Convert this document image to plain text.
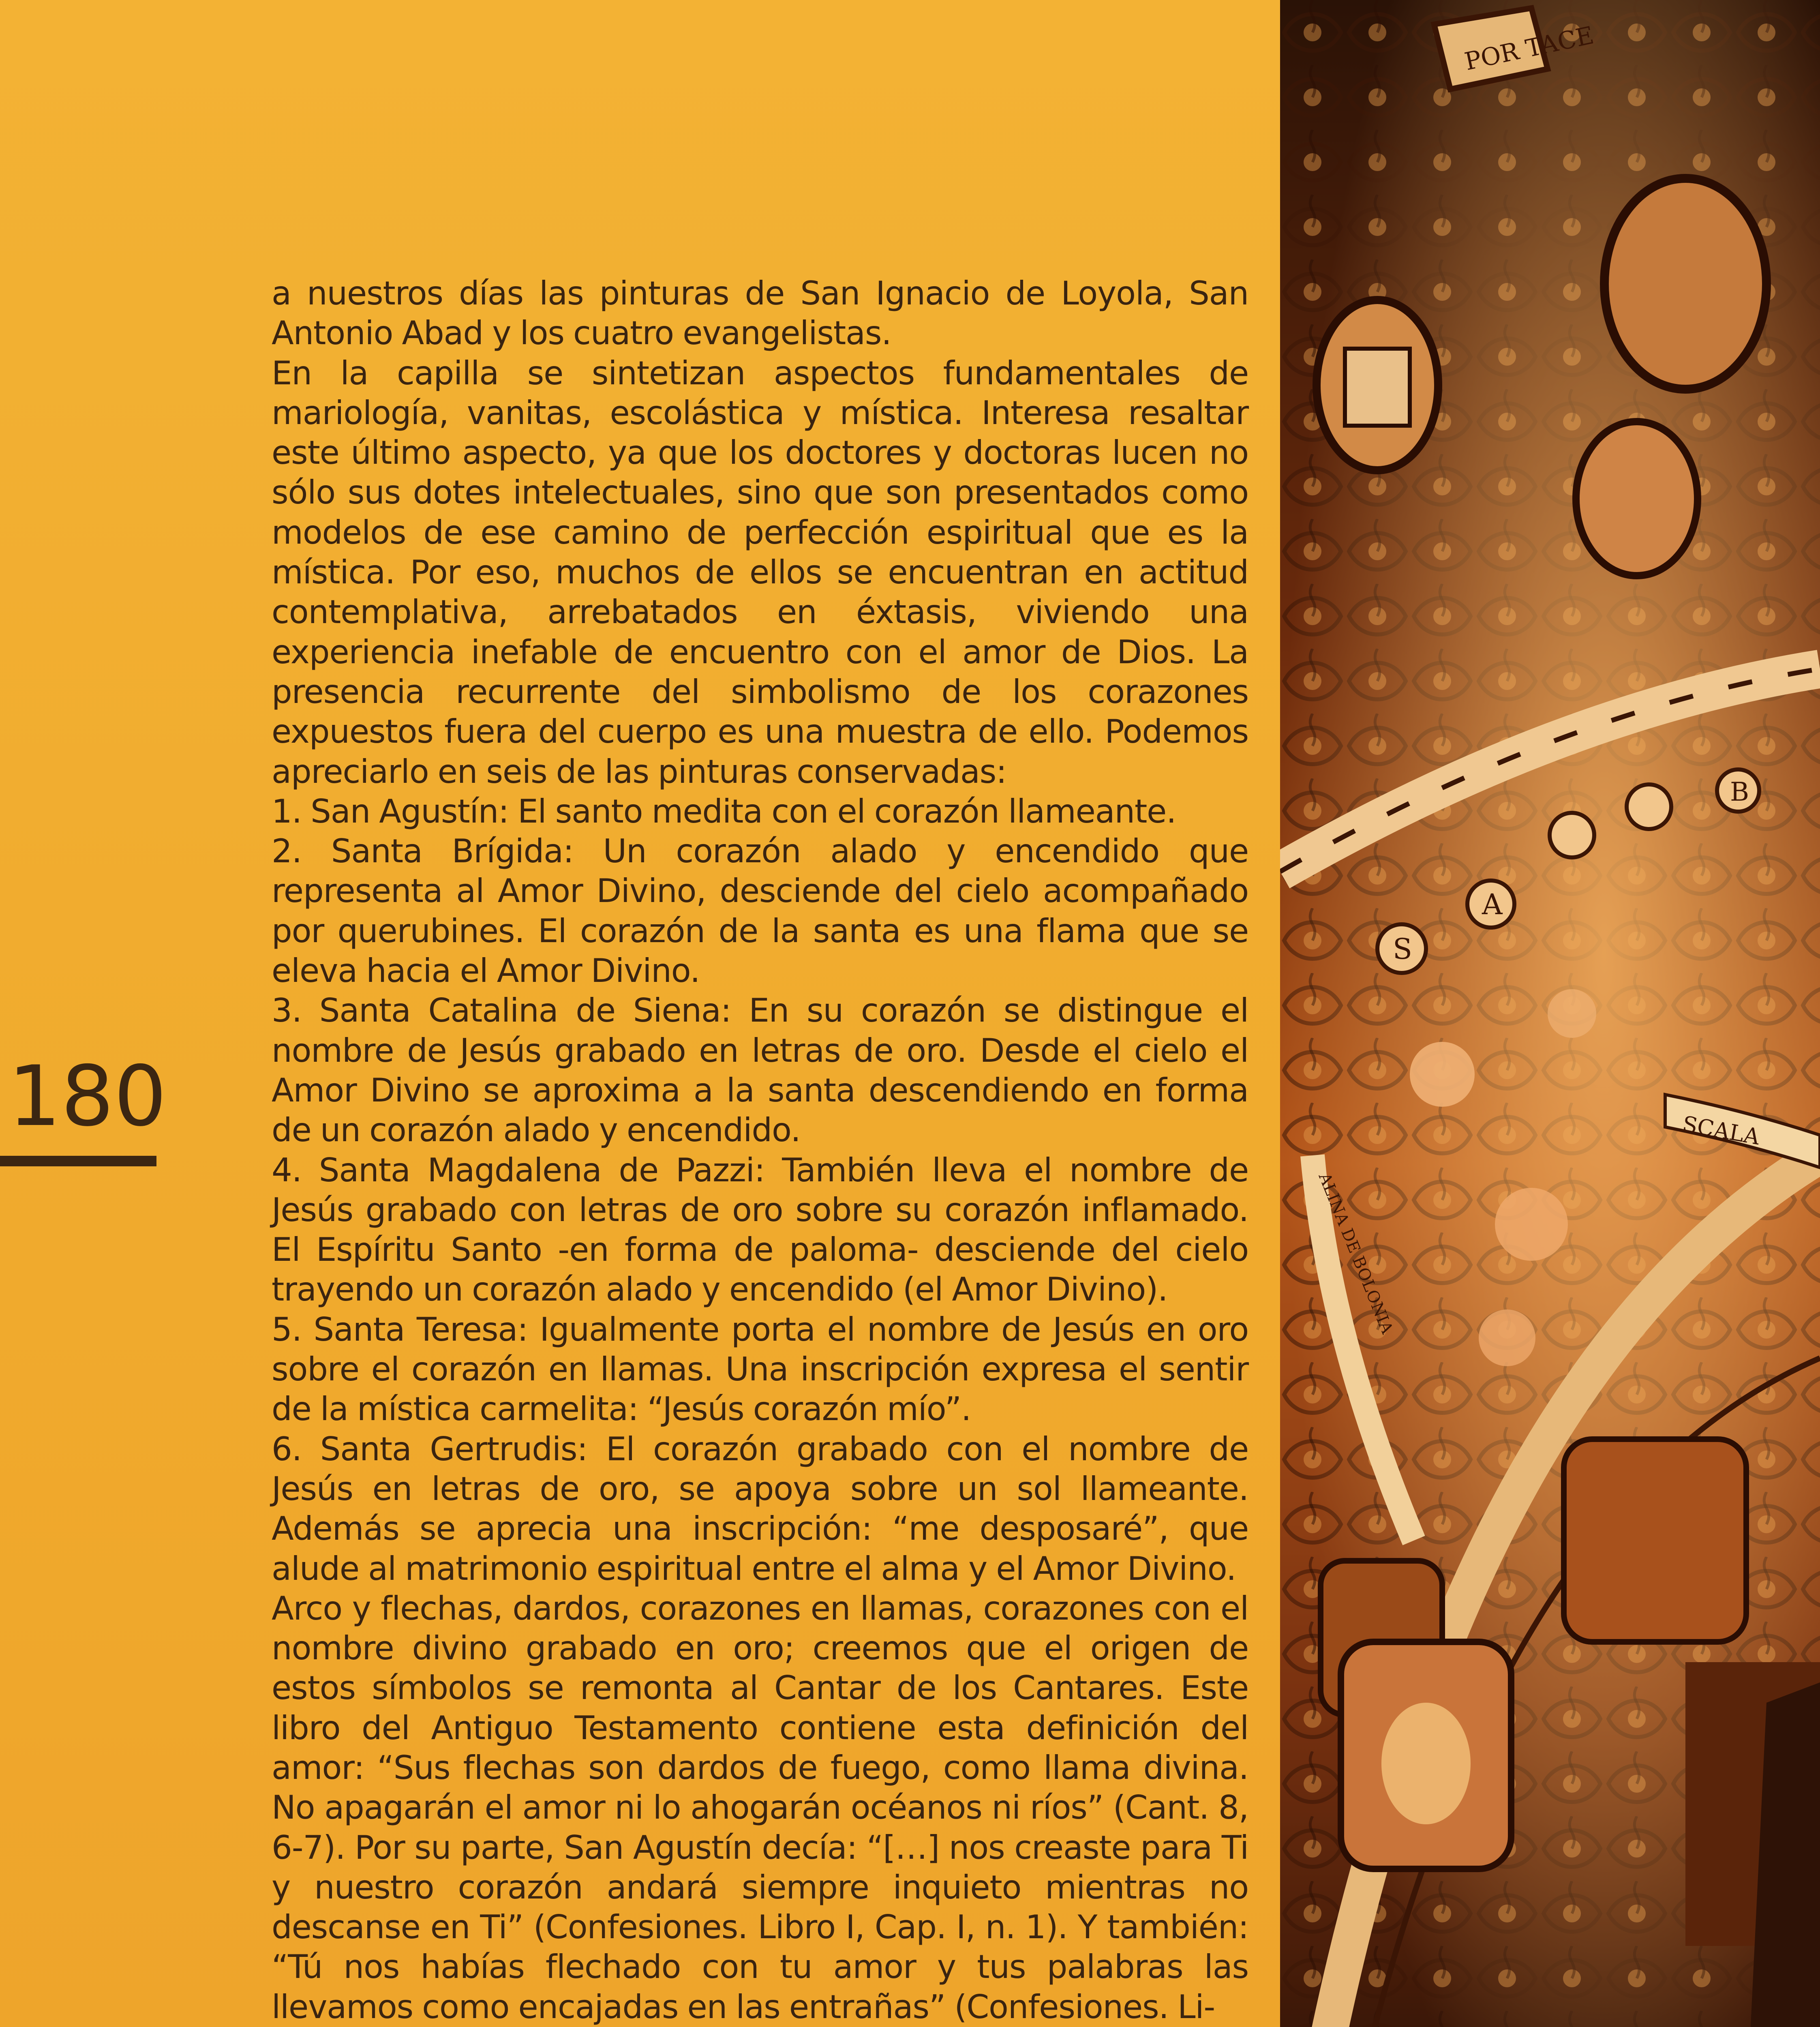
180

a nuestros días las pinturas de San Ignacio de Loyola, San Antonio Abad y los cuatro evangelistas.

En la capilla se sintetizan aspectos fundamentales de mariología, vanitas, escolástica y mística. Interesa resaltar este último aspecto, ya que los doctores y doctoras lucen no sólo sus dotes intelectuales, sino que son presentados como modelos de ese camino de perfección espiritual que es la mística. Por eso, muchos de ellos se encuentran en actitud contemplativa, arrebatados en éxtasis, viviendo una experiencia inefable de encuentro con el amor de Dios. La presencia recurrente del simbolismo de los corazones expuestos fuera del cuerpo es una muestra de ello. Podemos apreciarlo en seis de las pinturas conservadas:

1. San Agustín: El santo medita con el corazón llameante.

2. Santa Brígida: Un corazón alado y encendido que representa al Amor Divino, desciende del cielo acompañado por querubines. El corazón de la santa es una flama que se eleva hacia el Amor Divino.

3. Santa Catalina de Siena: En su corazón se distingue el nombre de Jesús grabado en letras de oro. Desde el cielo el Amor Divino se aproxima a la santa descendiendo en forma de un corazón alado y encendido.

4. Santa Magdalena de Pazzi: También lleva el nombre de Jesús grabado con letras de oro sobre su corazón inflamado. El Espíritu Santo -en forma de paloma- desciende del cielo trayendo un corazón alado y encendido (el Amor Divino).

5. Santa Teresa: Igualmente porta el nombre de Jesús en oro sobre el corazón en llamas. Una inscripción expresa el sentir de la mística carmelita: “Jesús corazón mío”.

6. Santa Gertrudis: El corazón grabado con el nombre de Jesús en letras de oro, se apoya sobre un sol llameante. Además se aprecia una inscripción: “me desposaré”, que alude al matrimonio espiritual entre el alma y el Amor Divino.

Arco y flechas, dardos, corazones en llamas, corazones con el nombre divino grabado en oro; creemos que el origen de estos símbolos se remonta al Cantar de los Cantares. Este libro del Antiguo Testamento contiene esta definición del amor: “Sus flechas son dardos de fuego, como llama divina. No apagarán el amor ni lo ahogarán océanos ni ríos” (Cant. 8, 6-7). Por su parte, San Agustín decía: “[…] nos creaste para Ti y nuestro corazón andará siempre inquieto mientras no descanse en Ti” (Confesiones. Libro I, Cap. I, n. 1). Y también: “Tú nos habías flechado con tu amor y tus palabras las llevamos como encajadas en las entrañas” (Confesiones. Li-

POR TACE
S
A
B
SCALA
ALINA DE BOLONIA
